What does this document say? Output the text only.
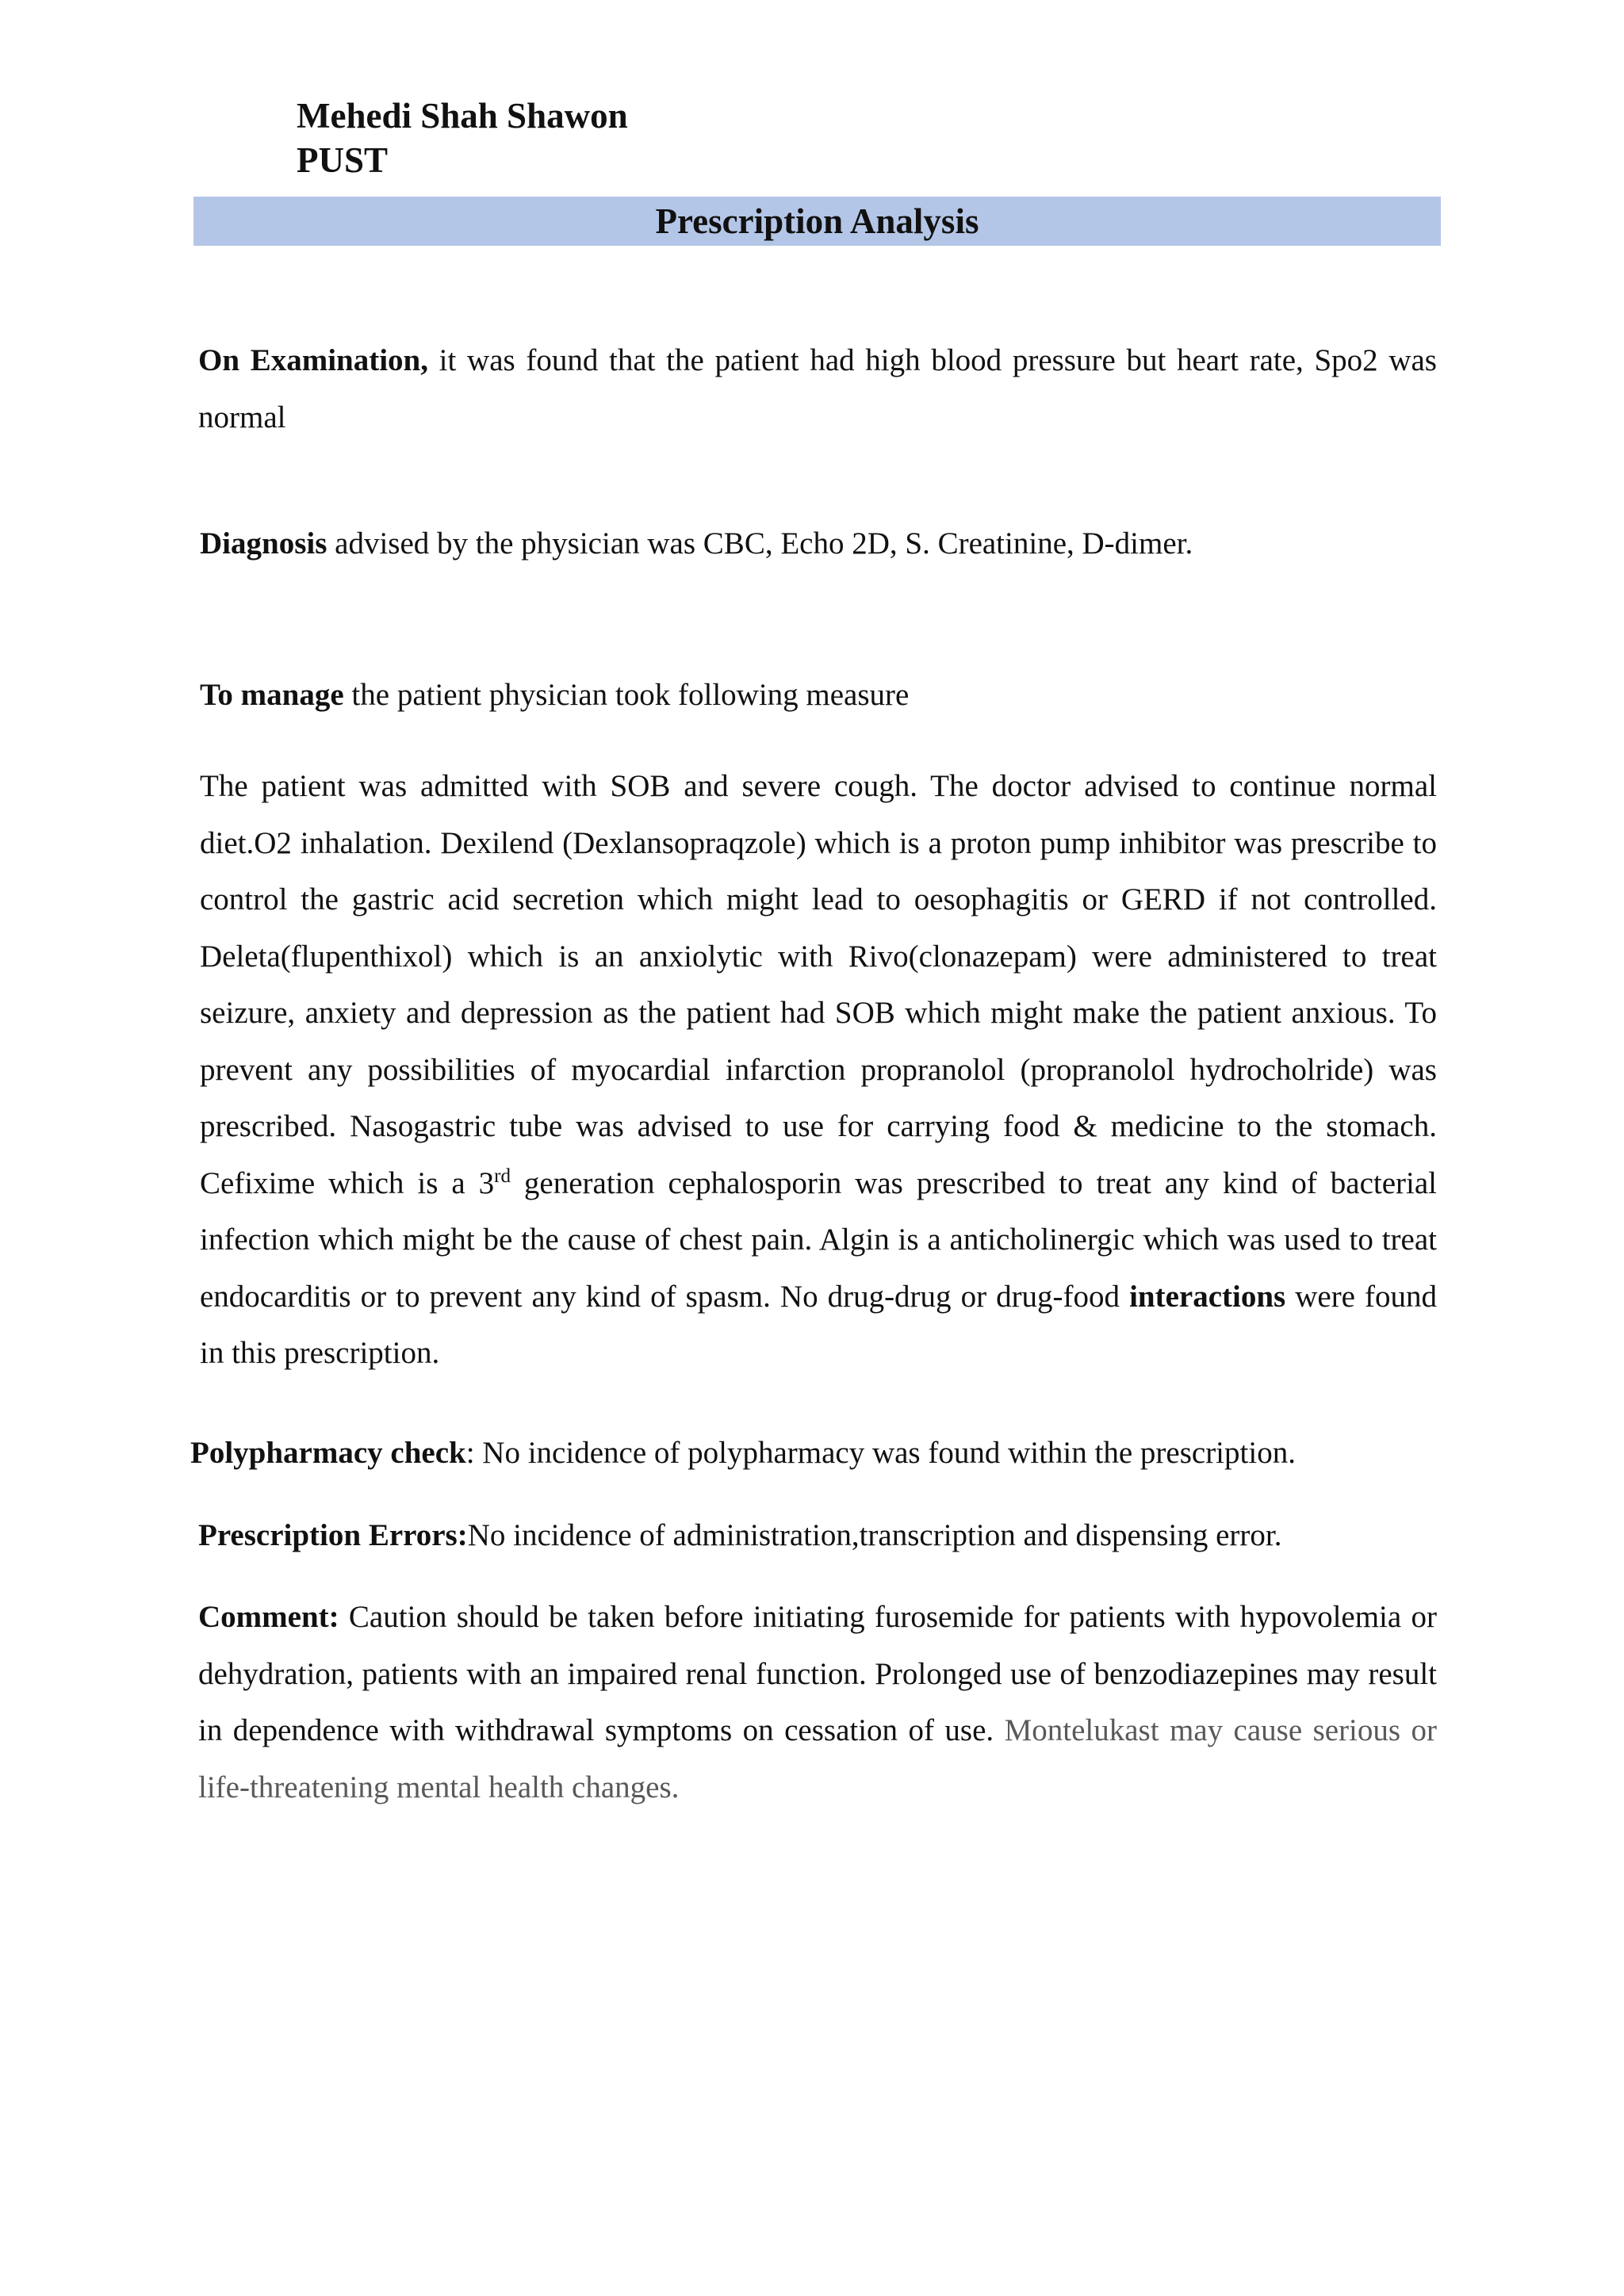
Mehedi Shah Shawon
PUST
Prescription Analysis

On Examination, it was found that the patient had high blood pressure but heart rate, Spo2 was normal

Diagnosis advised by the physician was CBC, Echo 2D, S. Creatinine, D-dimer.

To manage the patient physician took following measure

The patient was admitted with SOB and severe cough. The doctor advised to continue normal diet.O2 inhalation. Dexilend (Dexlansopraqzole) which is a proton pump inhibitor was prescribe to control the gastric acid secretion which might lead to oesophagitis or GERD if not controlled. Deleta(flupenthixol) which is an anxiolytic with Rivo(clonazepam) were administered to treat seizure, anxiety and depression as the patient had SOB which might make the patient anxious. To prevent any possibilities of myocardial infarction propranolol (propranolol hydrocholride) was prescribed. Nasogastric tube was advised to use for carrying food & medicine to the stomach. Cefixime which is a 3rd generation cephalosporin was prescribed to treat any kind of bacterial infection which might be the cause of chest pain. Algin is a anticholinergic which was used to treat endocarditis or to prevent any kind of spasm. No drug-drug or drug-food interactions were found in this prescription.

Polypharmacy check: No incidence of polypharmacy was found within the prescription.

Prescription Errors:No incidence of administration,transcription and dispensing error.

Comment: Caution should be taken before initiating furosemide for patients with hypovolemia or dehydration, patients with an impaired renal function. Prolonged use of benzodiazepines may result in dependence with withdrawal symptoms on cessation of use. Montelukast may cause serious or life-threatening mental health changes.
